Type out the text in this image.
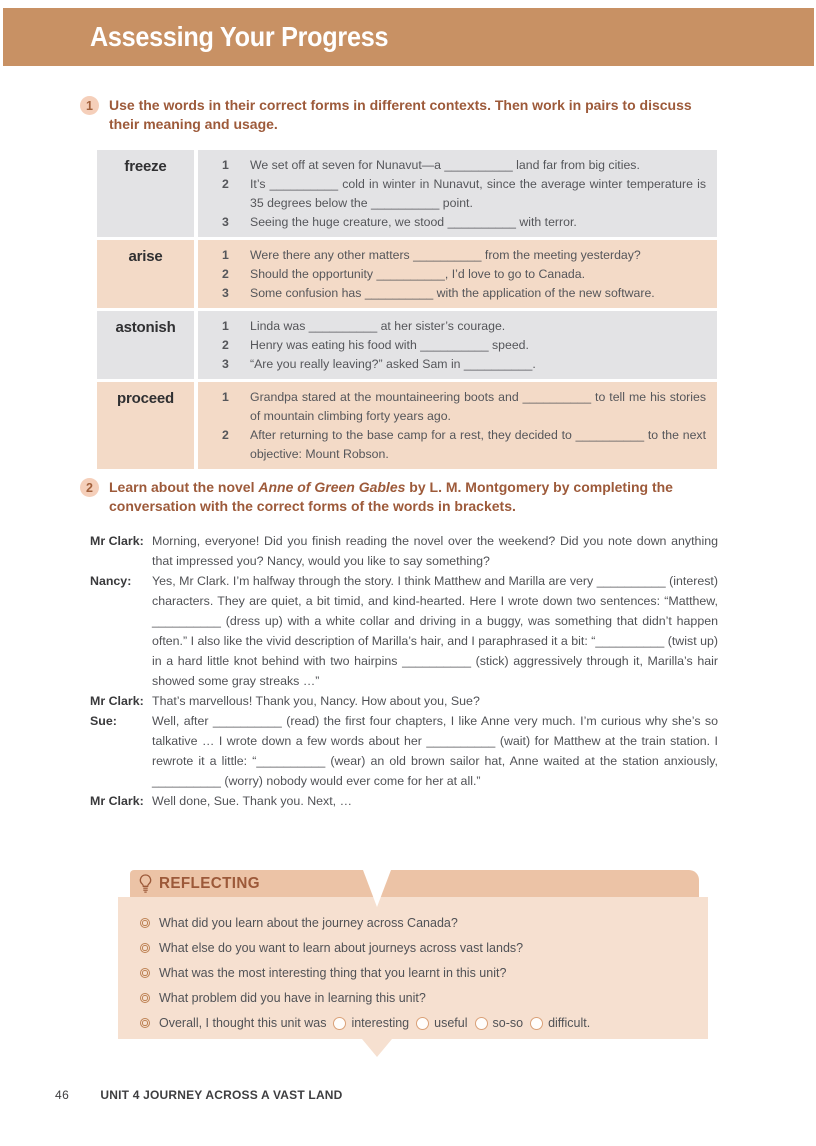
Assessing Your Progress
1	Use the words in their correct forms in different contexts. Then work in pairs to discuss their meaning and usage.
freeze	1	We set off at seven for Nunavut—a __________ land far from big cities.
2	It’s __________ cold in winter in Nunavut, since the average winter temperature is 35 degrees below the __________ point.
3	Seeing the huge creature, we stood __________ with terror.
arise	1	Were there any other matters __________ from the meeting yesterday?
2	Should the opportunity __________, I’d love to go to Canada.
3	Some confusion has __________ with the application of the new software.
astonish	1	Linda was __________ at her sister’s courage.
2	Henry was eating his food with __________ speed.
3	“Are you really leaving?” asked Sam in __________.
proceed	1	Grandpa stared at the mountaineering boots and __________ to tell me his stories of mountain climbing forty years ago.
2	After returning to the base camp for a rest, they decided to __________ to the next objective: Mount Robson.
2	Learn about the novel Anne of Green Gables by L. M. Montgomery by completing the conversation with the correct forms of the words in brackets.
Mr Clark: Morning, everyone! Did you finish reading the novel over the weekend? Did you note down anything that impressed you? Nancy, would you like to say something?
Nancy:	Yes, Mr Clark. I’m halfway through the story. I think Matthew and Marilla are very __________ (interest) characters. They are quiet, a bit timid, and kind-hearted. Here I wrote down two sentences: “Matthew, __________ (dress up) with a white collar and driving in a buggy, was something that didn’t happen often.” I also like the vivid description of Marilla’s hair, and I paraphrased it a bit: “__________ (twist up) in a hard little knot behind with two hairpins __________ (stick) aggressively through it, Marilla’s hair showed some gray streaks …”
Mr Clark: That’s marvellous! Thank you, Nancy. How about you, Sue?
Sue:	Well, after __________ (read) the first four chapters, I like Anne very much. I’m curious why she’s so talkative … I wrote down a few words about her __________ (wait) for Matthew at the train station. I rewrote it a little: “__________ (wear) an old brown sailor hat, Anne waited at the station anxiously, __________ (worry) nobody would ever come for her at all.”
Mr Clark: Well done, Sue. Thank you. Next, …
REFLECTING
What did you learn about the journey across Canada?
What else do you want to learn about journeys across vast lands?
What was the most interesting thing that you learnt in this unit?
What problem did you have in learning this unit?
Overall, I thought this unit was interesting useful so-so difficult.
46	UNIT 4 JOURNEY ACROSS A VAST LAND
